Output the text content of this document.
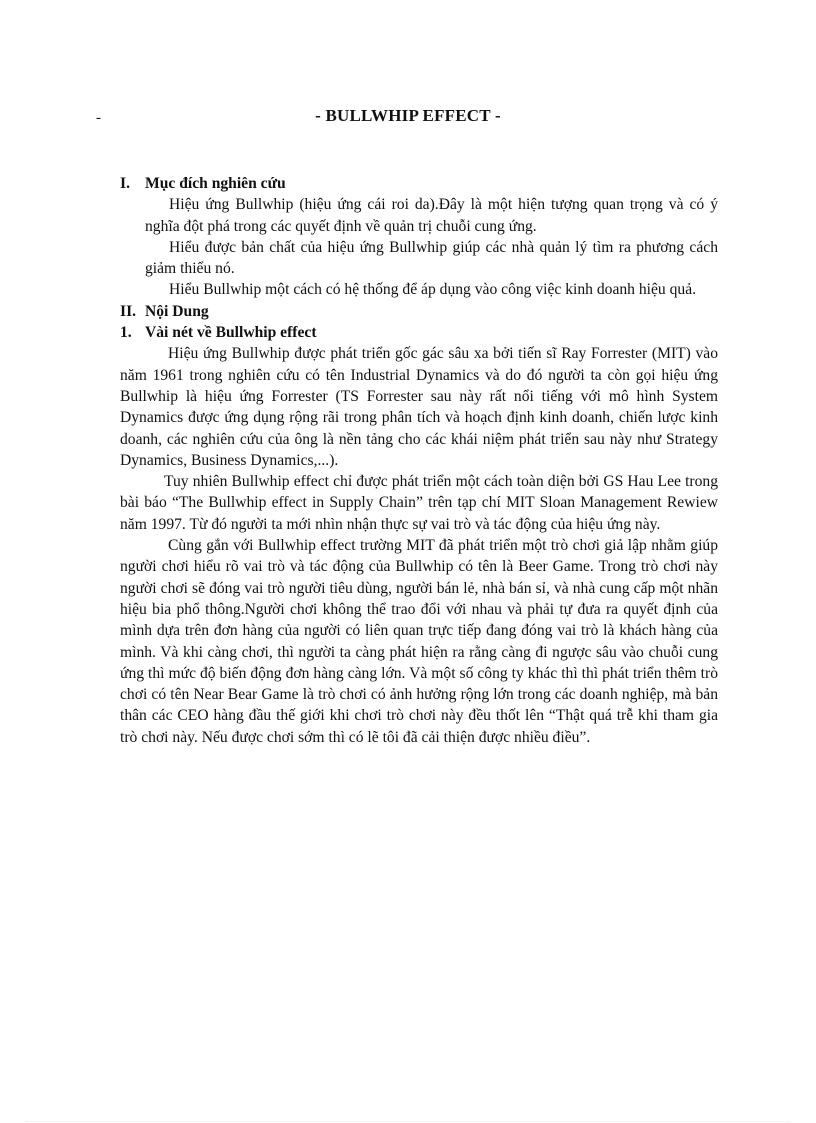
-	- BULLWHIP EFFECT -
I. Mục đích nghiên cứu
Hiệu ứng Bullwhip (hiệu ứng cái roi da).Đây là một hiện tượng quan trọng và có ý nghĩa đột phá trong các quyết định về quản trị chuỗi cung ứng.
Hiểu được bản chất của hiệu ứng Bullwhip giúp các nhà quản lý tìm ra phương cách giảm thiểu nó.
Hiểu Bullwhip một cách có hệ thống để áp dụng vào công việc kinh doanh hiệu quả.
II. Nội Dung
1. Vài nét về Bullwhip effect
Hiệu ứng Bullwhip được phát triển gốc gác sâu xa bởi tiến sĩ Ray Forrester (MIT) vào năm 1961 trong nghiên cứu có tên Industrial Dynamics và do đó người ta còn gọi hiệu ứng Bullwhip là hiệu ứng Forrester (TS Forrester sau này rất nổi tiếng với mô hình System Dynamics được ứng dụng rộng rãi trong phân tích và hoạch định kinh doanh, chiến lược kinh doanh, các nghiên cứu của ông là nền tảng cho các khái niệm phát triển sau này như Strategy Dynamics, Business Dynamics,...).
Tuy nhiên Bullwhip effect chỉ được phát triển một cách toàn diện bởi GS Hau Lee trong bài báo “The Bullwhip effect in Supply Chain” trên tạp chí MIT Sloan Management Rewiew năm 1997. Từ đó người ta mới nhìn nhận thực sự vai trò và tác động của hiệu ứng này.
Cùng gắn với Bullwhip effect trường MIT đã phát triển một trò chơi giả lập nhằm giúp người chơi hiểu rõ vai trò và tác động của Bullwhip có tên là Beer Game. Trong trò chơi này người chơi sẽ đóng vai trò người tiêu dùng, người bán lẻ, nhà bán sỉ, và nhà cung cấp một nhãn hiệu bia phổ thông.Người chơi không thể trao đổi với nhau và phải tự đưa ra quyết định của mình dựa trên đơn hàng của người có liên quan trực tiếp đang đóng vai trò là khách hàng của mình. Và khi càng chơi, thì người ta càng phát hiện ra rằng càng đi ngược sâu vào chuỗi cung ứng thì mức độ biến động đơn hàng càng lớn. Và một số công ty khác thì thì phát triển thêm trò chơi có tên Near Bear Game là trò chơi có ảnh hưởng rộng lớn trong các doanh nghiệp, mà bản thân các CEO hàng đầu thế giới khi chơi trò chơi này đều thốt lên “Thật quá trễ khi tham gia trò chơi này. Nếu được chơi sớm thì có lẽ tôi đã cải thiện được nhiều điều”.
